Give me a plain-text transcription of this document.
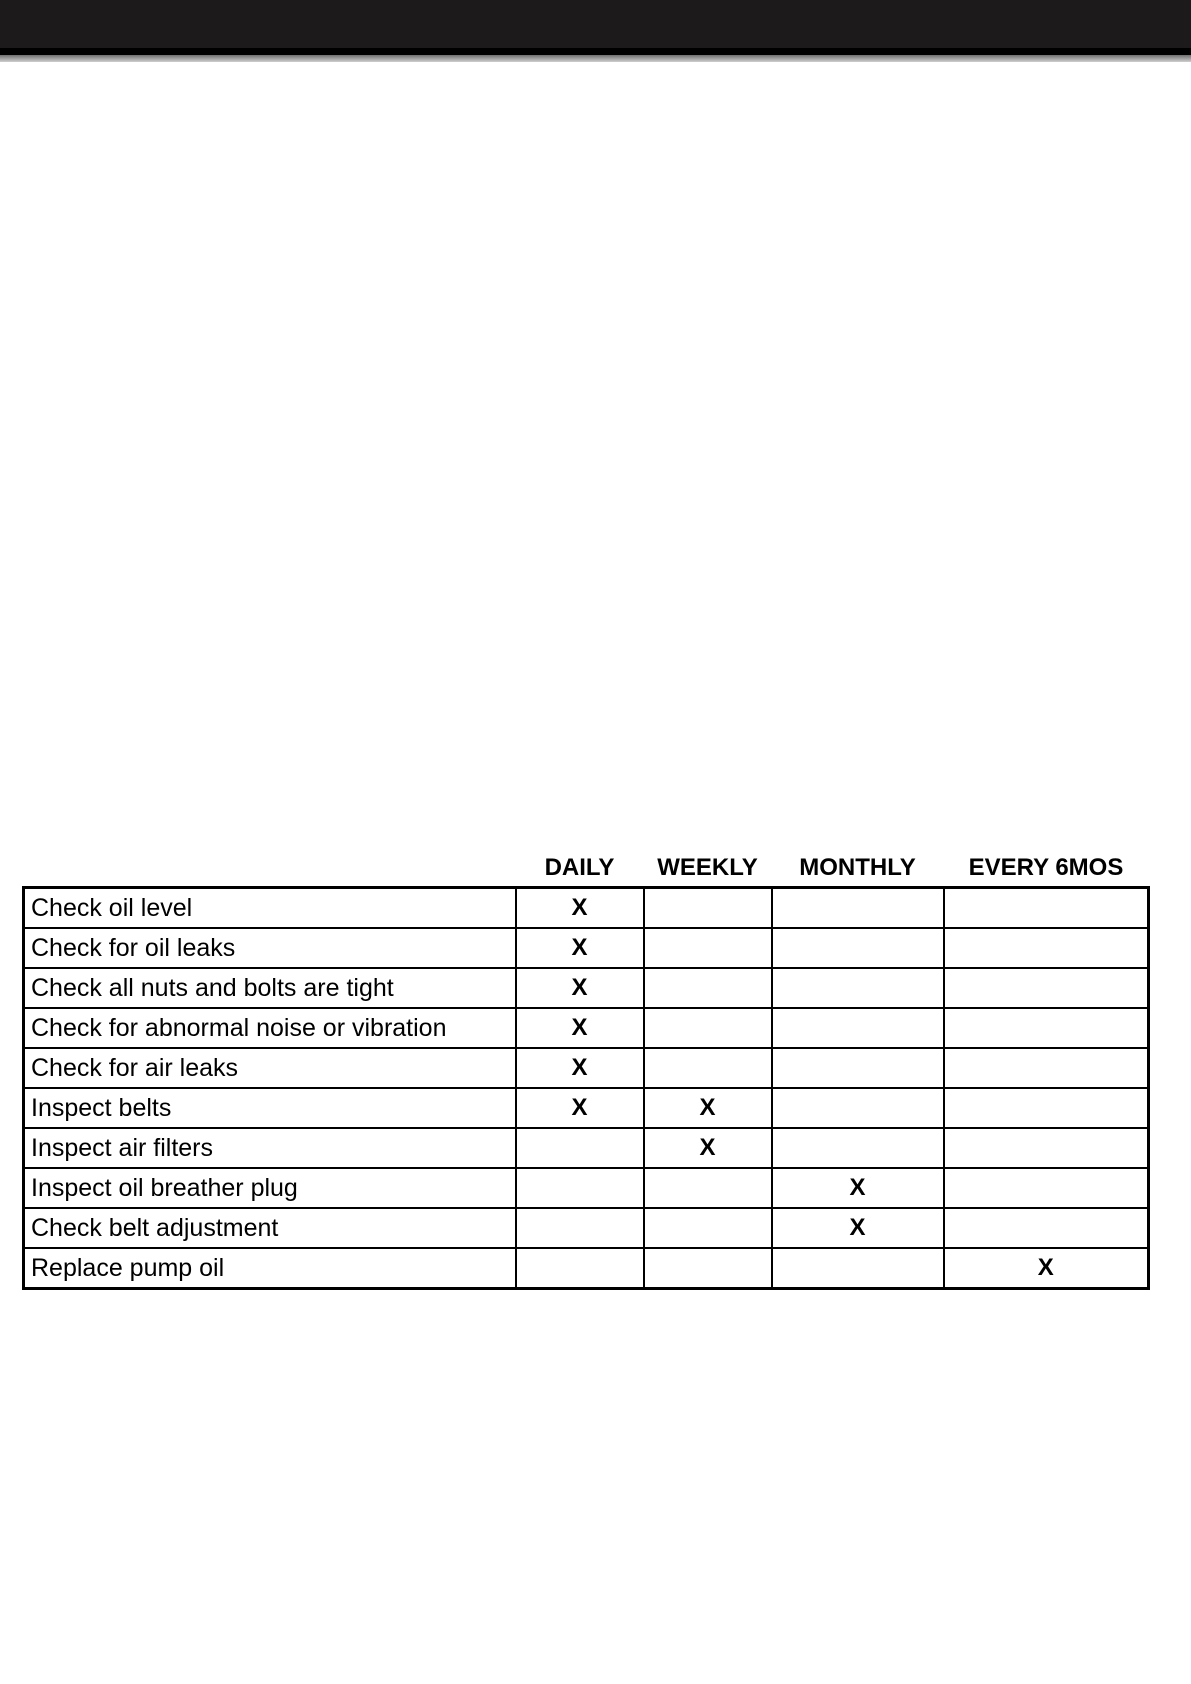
	DAILY	WEEKLY	MONTHLY	EVERY 6MOS
Check oil level	X			
Check for oil leaks	X			
Check all nuts and bolts are tight	X			
Check for abnormal noise or vibration	X			
Check for air leaks	X			
Inspect belts	X	X		
Inspect air filters		X		
Inspect oil breather plug			X	
Check belt adjustment			X	
Replace pump oil				X
